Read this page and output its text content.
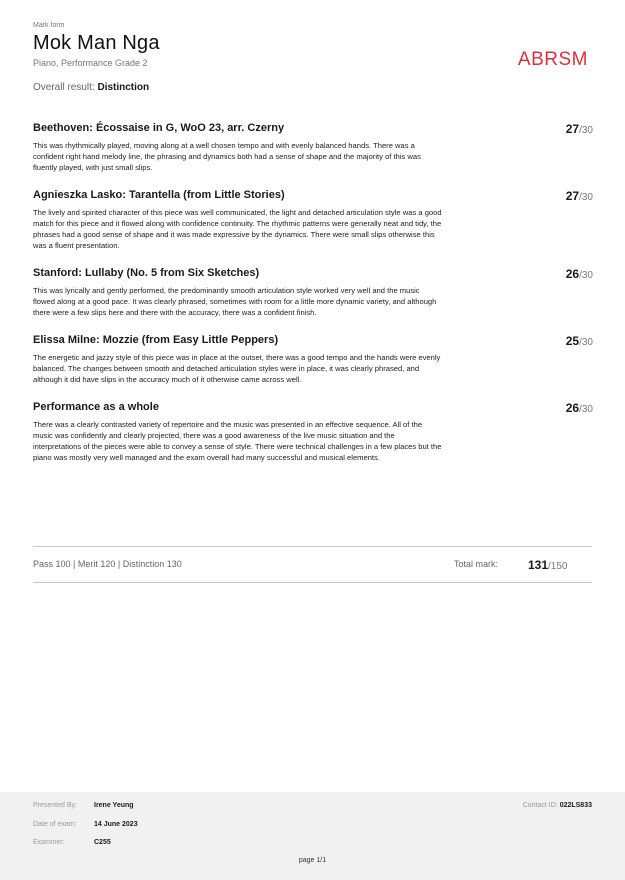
Mark form
Mok Man Nga
Piano, Performance Grade 2
Overall result: Distinction
ABRSM
Beethoven: Écossaise in G, WoO 23, arr. Czerny	27/30
This was rhythmically played, moving along at a well chosen tempo and with evenly balanced hands. There was a confident right hand melody line, the phrasing and dynamics both had a sense of shape and the majority of this was fluently played, with just small slips.
Agnieszka Lasko: Tarantella (from Little Stories)	27/30
The lively and spirited character of this piece was well communicated, the light and detached articulation style was a good match for this piece and it flowed along with confidence continuity. The rhythmic patterns were generally neat and tidy, the phrases had a good sense of shape and it was made expressive by the dynamics. There were small slips otherwise this was a fluent presentation.
Stanford: Lullaby (No. 5 from Six Sketches)	26/30
This was lyrically and gently performed, the predominantly smooth articulation style worked very well and the music flowed along at a good pace. It was clearly phrased, sometimes with room for a little more dynamic variety, and although there were a few slips here and there with the accuracy, there was a confident finish.
Elissa Milne: Mozzie (from Easy Little Peppers)	25/30
The energetic and jazzy style of this piece was in place at the outset, there was a good tempo and the hands were evenly balanced. The changes between smooth and detached articulation styles were in place, it was clearly phrased, and although it did have slips in the accuracy much of it otherwise came across well.
Performance as a whole	26/30
There was a clearly contrasted variety of repertoire and the music was presented in an effective sequence. All of the music was confidently and clearly projected, there was a good awareness of the live music situation and the interpretations of the pieces were able to convey a sense of style. There were technical challenges in a few places but the piano was mostly very well managed and the exam overall had many successful and musical elements.
Pass 100 | Merit 120 | Distinction 130	Total mark: 131/150
Presented By: Irene Yeung
Date of exam: 14 June 2023
Examiner:	C255
Contact ID: 022LS833
page 1/1
